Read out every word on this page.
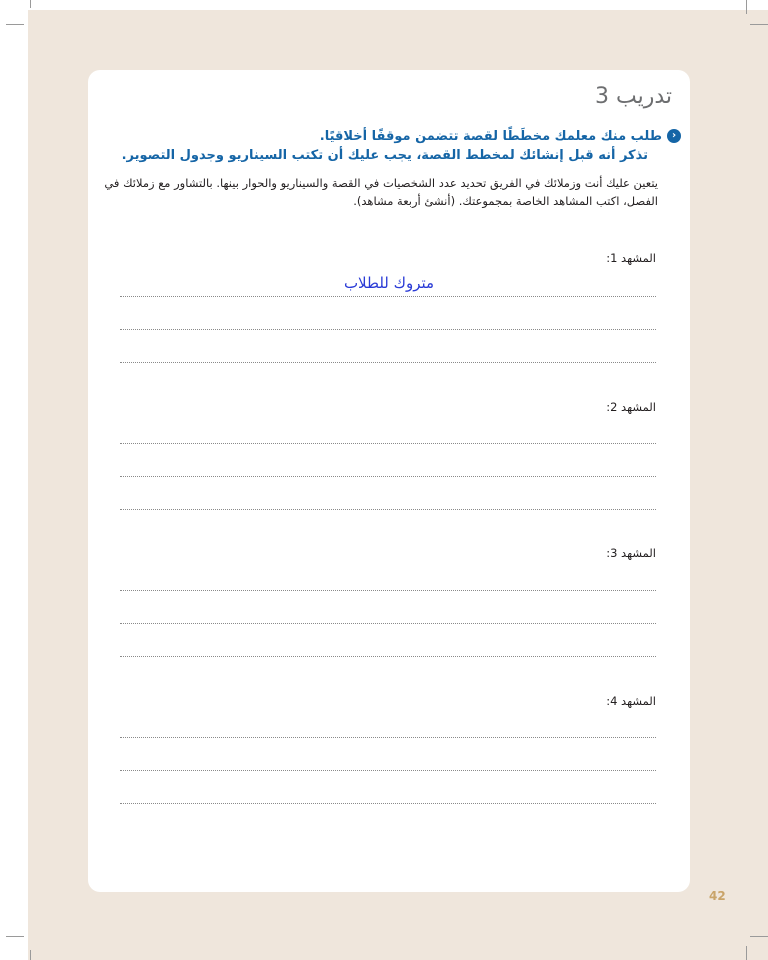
تدريب 3
‹

طلب منك معلمك مخطَطًا لقصة تتضمن موقفًا أخلاقيًا.

تذكر أنه قبل إنشائك لمخطط القصة، يجب عليك أن تكتب السيناريو وجدول التصوير.

يتعين عليك أنت وزملائك في الفريق تحديد عدد الشخصيات في القصة والسيناريو والحوار بينها. بالتشاور مع زملائك في الفصل، اكتب المشاهد الخاصة بمجموعتك. (أنشئ أربعة مشاهد).

المشهد 1:

متروك للطلاب

المشهد 2:

المشهد 3:

المشهد 4:

42
